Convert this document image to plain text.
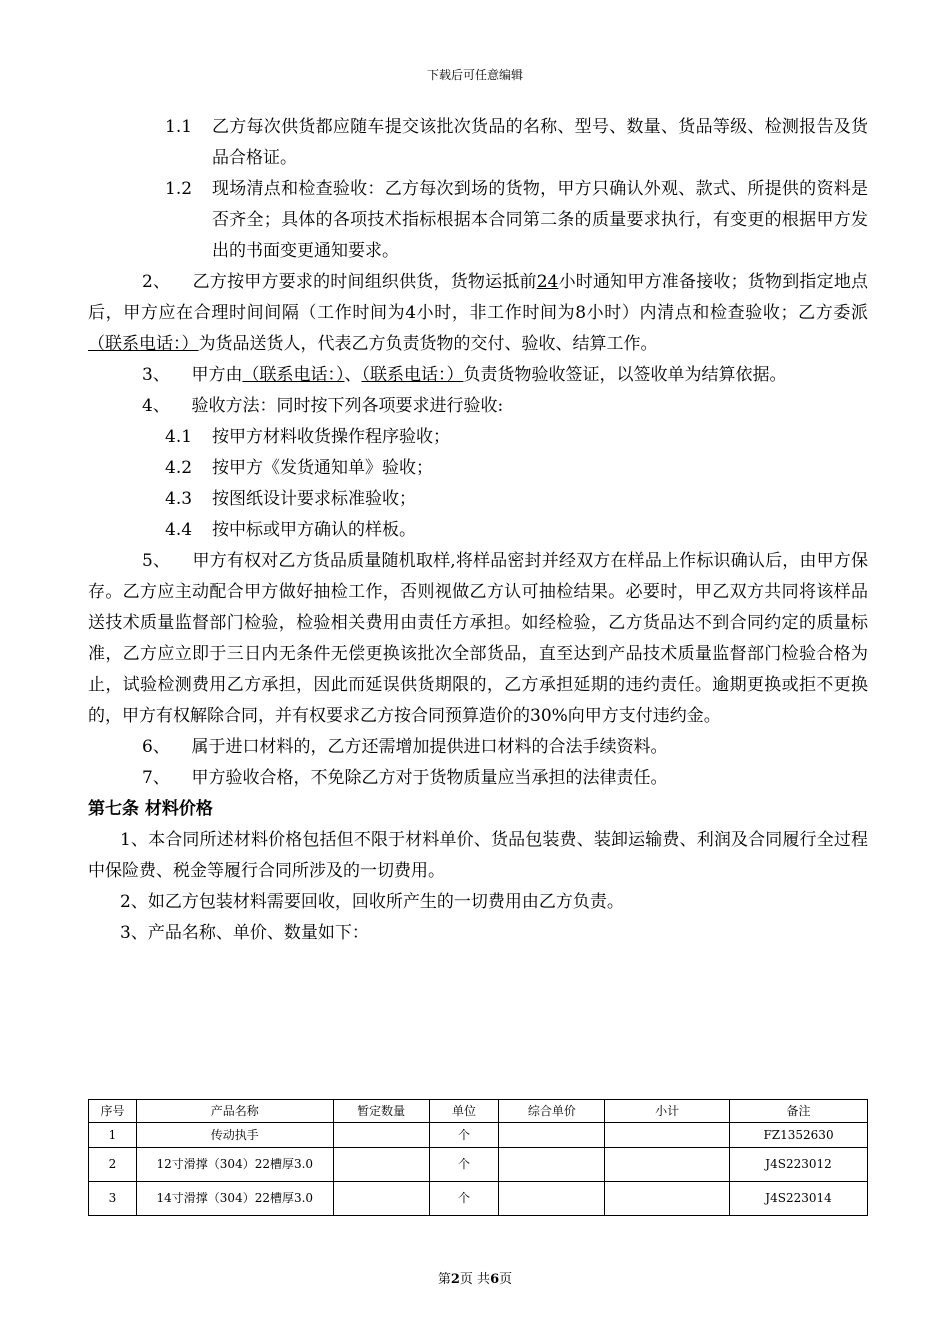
下载后可任意编辑
1.1	乙方每次供货都应随车提交该批次货品的名称、型号、数量、货品等级、检测报告及货品合格证。
1.2	现场清点和检查验收：乙方每次到场的货物，甲方只确认外观、款式、所提供的资料是否齐全；具体的各项技术指标根据本合同第二条的质量要求执行，有变更的根据甲方发出的书面变更通知要求。

2、 乙方按甲方要求的时间组织供货，货物运抵前24小时通知甲方准备接收；货物到指定地点后，甲方应在合理时间间隔（工作时间为4小时，非工作时间为8小时）内清点和检查验收；乙方委派（联系电话：）为货品送货人，代表乙方负责货物的交付、验收、结算工作。

3、 甲方由（联系电话：）、（联系电话：）负责货物验收签证，以签收单为结算依据。

4、 验收方法：同时按下列各项要求进行验收:

4.1 按甲方材料收货操作程序验收；
4.2 按甲方《发货通知单》验收；
4.3 按图纸设计要求标准验收；
4.4 按中标或甲方确认的样板。

5、 甲方有权对乙方货品质量随机取样,将样品密封并经双方在样品上作标识确认后，由甲方保存。乙方应主动配合甲方做好抽检工作，否则视做乙方认可抽检结果。必要时，甲乙双方共同将该样品送技术质量监督部门检验，检验相关费用由责任方承担。如经检验，乙方货品达不到合同约定的质量标准，乙方应立即于三日内无条件无偿更换该批次全部货品，直至达到产品技术质量监督部门检验合格为止，试验检测费用乙方承担，因此而延误供货期限的，乙方承担延期的违约责任。逾期更换或拒不更换的，甲方有权解除合同，并有权要求乙方按合同预算造价的30%向甲方支付违约金。

6、 属于进口材料的，乙方还需增加提供进口材料的合法手续资料。

7、 甲方验收合格，不免除乙方对于货物质量应当承担的法律责任。

第七条 材料价格

1、本合同所述材料价格包括但不限于材料单价、货品包装费、装卸运输费、利润及合同履行全过程中保险费、税金等履行合同所涉及的一切费用。

2、如乙方包装材料需要回收，回收所产生的一切费用由乙方负责。

3、产品名称、单价、数量如下：

序号	产品名称	暂定数量	单位	综合单价	小计	备注
1	传动执手		个			FZ1352630
2	12寸滑撑（304）22槽厚3.0		个			J4S223012
3	14寸滑撑（304）22槽厚3.0		个			J4S223014
第2页 共6页
